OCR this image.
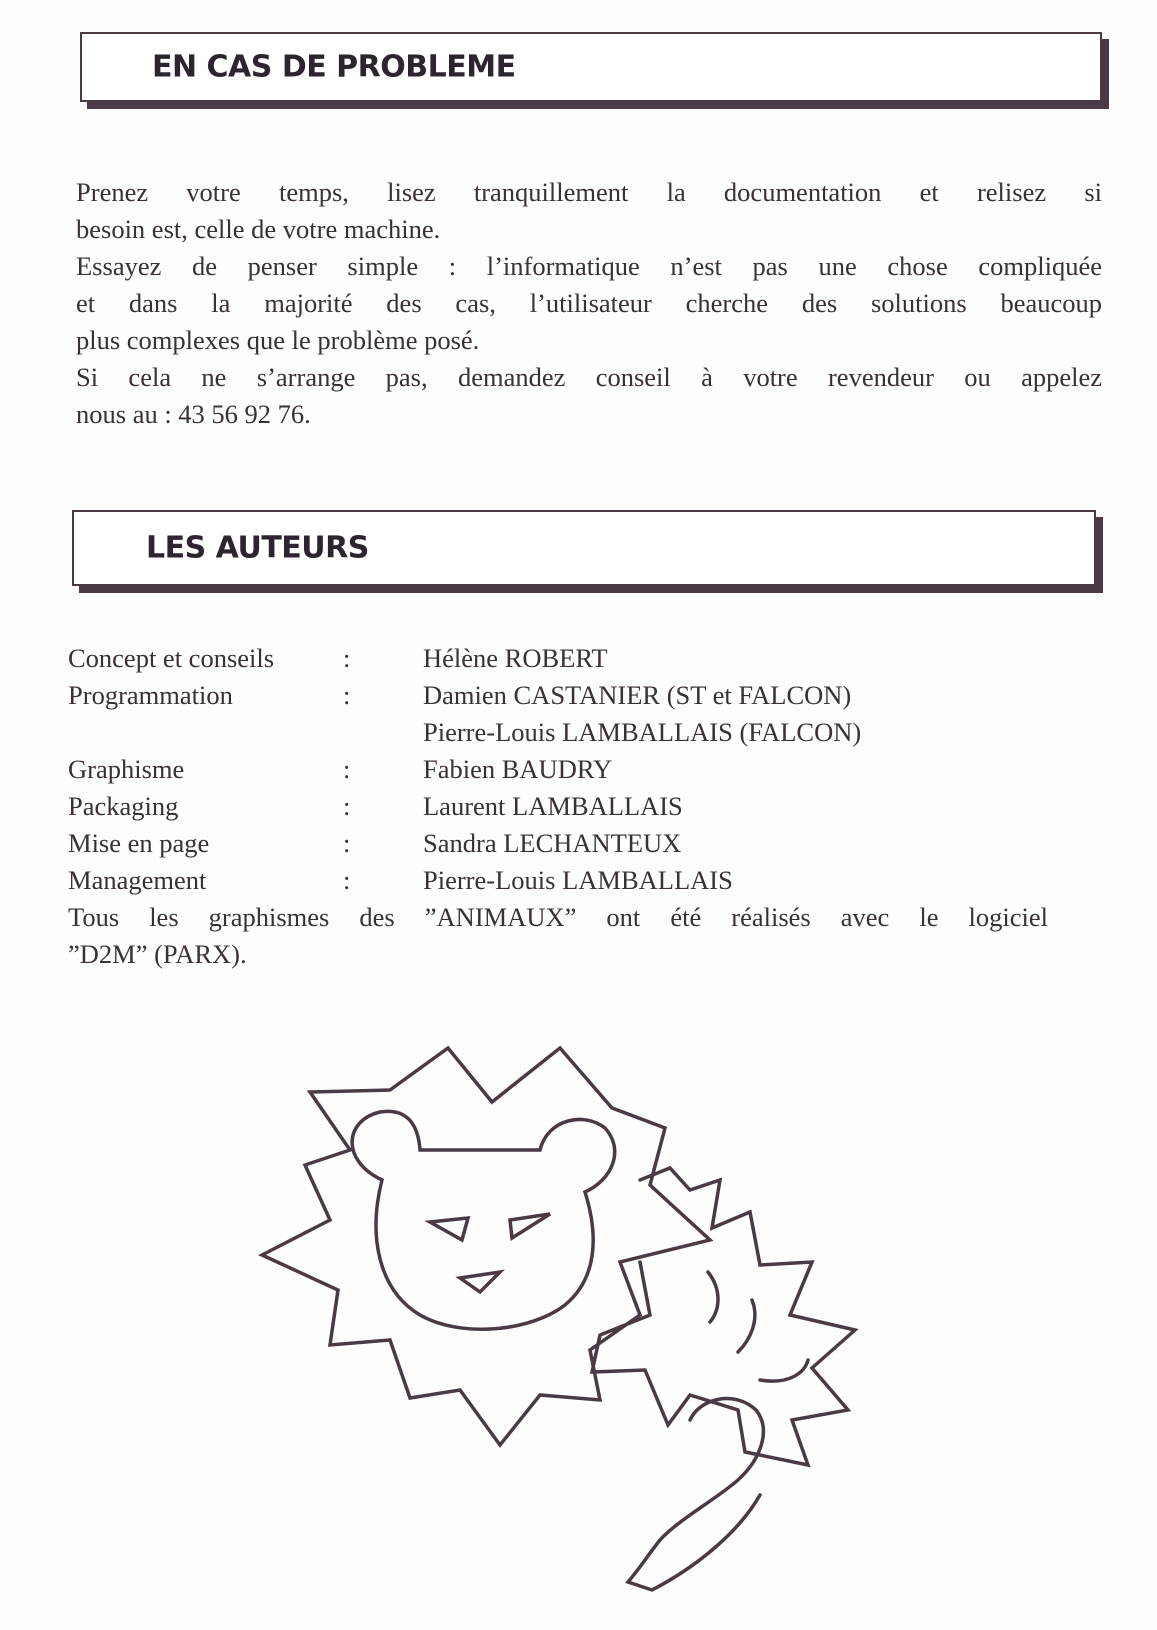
EN CAS DE PROBLEME

Prenez votre temps, lisez tranquillement la documentation et relisez si

besoin est, celle de votre machine.

Essayez de penser simple : l’informatique n’est pas une chose compliquée

et dans la majorité des cas, l’utilisateur cherche des solutions beaucoup

plus complexes que le problème posé.

Si cela ne s’arrange pas, demandez conseil à votre revendeur ou appelez

nous au : 43 56 92 76.

LES AUTEURS
Concept et conseils	:	Hélène ROBERT
Programmation	:	Damien CASTANIER (ST et FALCON)
Pierre-Louis LAMBALLAIS (FALCON)
Graphisme	:	Fabien BAUDRY
Packaging	:	Laurent LAMBALLAIS
Mise en page	:	Sandra LECHANTEUX
Management	:	Pierre-Louis LAMBALLAIS

Tous les graphismes des ”ANIMAUX” ont été réalisés avec le logiciel

”D2M” (PARX).
